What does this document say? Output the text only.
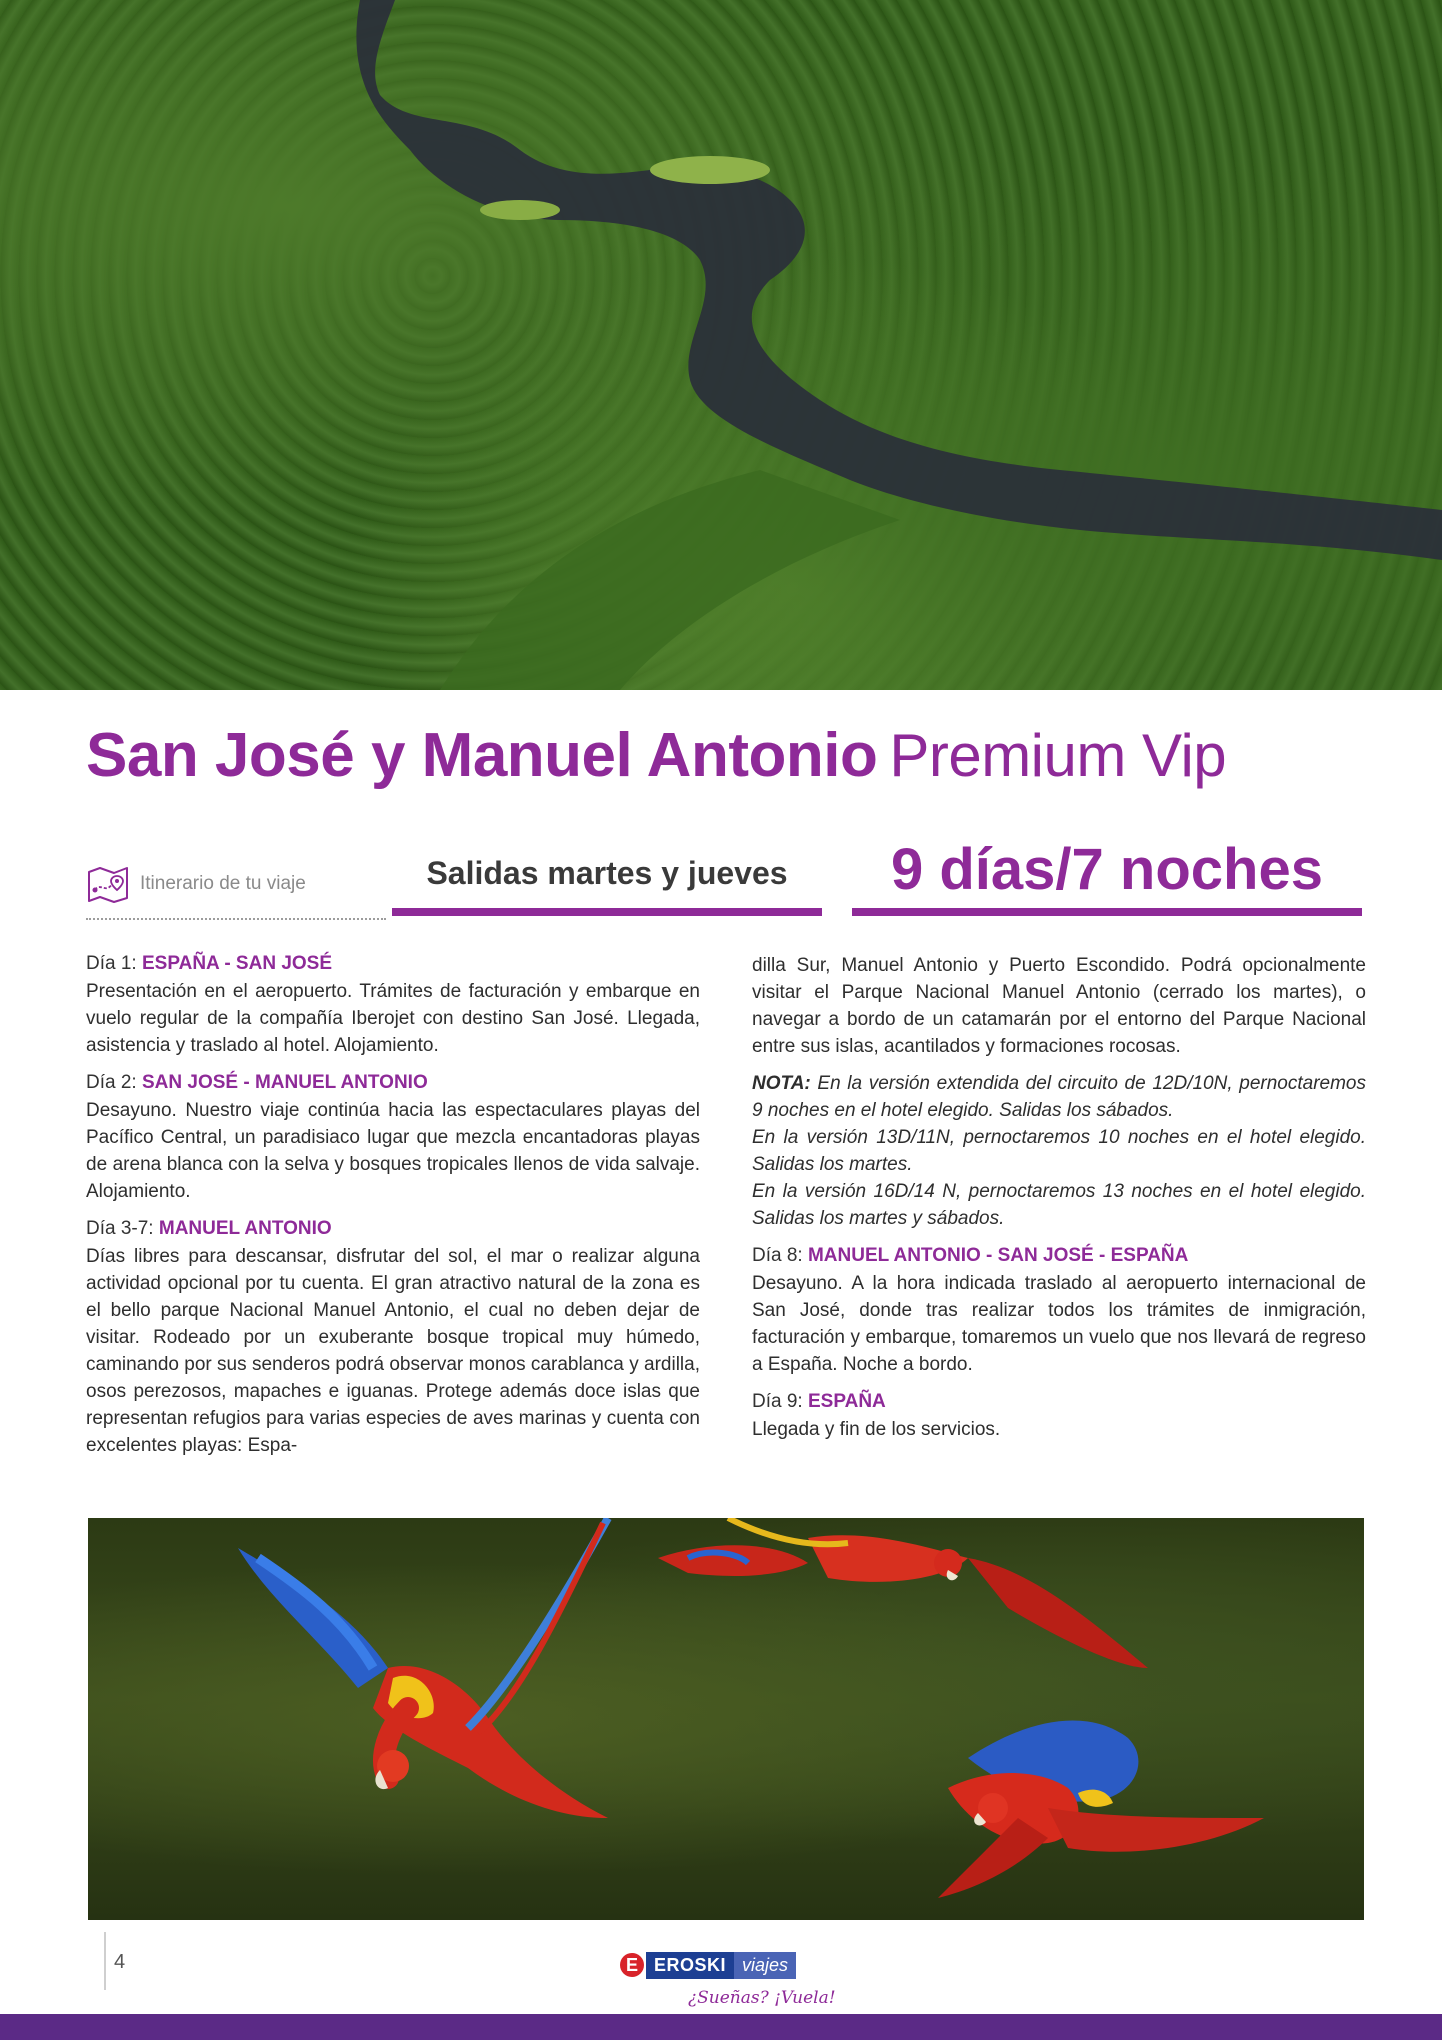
San José y Manuel Antonio Premium Vip
Itinerario de tu viaje	Salidas martes y jueves	9 días/7 noches
Día 1: ESPAÑA - SAN JOSÉ

Presentación en el aeropuerto. Trámites de facturación y embarque en vuelo regular de la compañía Iberojet con destino San José. Llegada, asistencia y traslado al hotel. Alojamiento.

Día 2: SAN JOSÉ - MANUEL ANTONIO

Desayuno. Nuestro viaje continúa hacia las espectaculares playas del Pacífico Central, un paradisiaco lugar que mezcla encantadoras playas de arena blanca con la selva y bosques tropicales llenos de vida salvaje. Alojamiento.

Día 3-7: MANUEL ANTONIO

Días libres para descansar, disfrutar del sol, el mar o realizar alguna actividad opcional por tu cuenta. El gran atractivo natural de la zona es el bello parque Nacional Manuel Antonio, el cual no deben dejar de visitar. Rodeado por un exuberante bosque tropical muy húmedo, caminando por sus senderos podrá observar monos carablanca y ardilla, osos perezosos, mapaches e iguanas. Protege además doce islas que representan refugios para varias especies de aves marinas y cuenta con excelentes playas: Espa-

dilla Sur, Manuel Antonio y Puerto Escondido. Podrá opcionalmente visitar el Parque Nacional Manuel Antonio (cerrado los martes), o navegar a bordo de un catamarán por el entorno del Parque Nacional entre sus islas, acantilados y formaciones rocosas.

NOTA: En la versión extendida del circuito de 12D/10N, pernoctaremos 9 noches en el hotel elegido. Salidas los sábados.

En la versión 13D/11N, pernoctaremos 10 noches en el hotel elegido. Salidas los martes.

En la versión 16D/14 N, pernoctaremos 13 noches en el hotel elegido. Salidas los martes y sábados.

Día 8: MANUEL ANTONIO - SAN JOSÉ - ESPAÑA

Desayuno. A la hora indicada traslado al aeropuerto internacional de San José, donde tras realizar todos los trámites de inmigración, facturación y embarque, tomaremos un vuelo que nos llevará de regreso a España. Noche a bordo.

Día 9: ESPAÑA

Llegada y fin de los servicios.

4	E EROSKI viajes
¿Sueñas? ¡Vuela!
